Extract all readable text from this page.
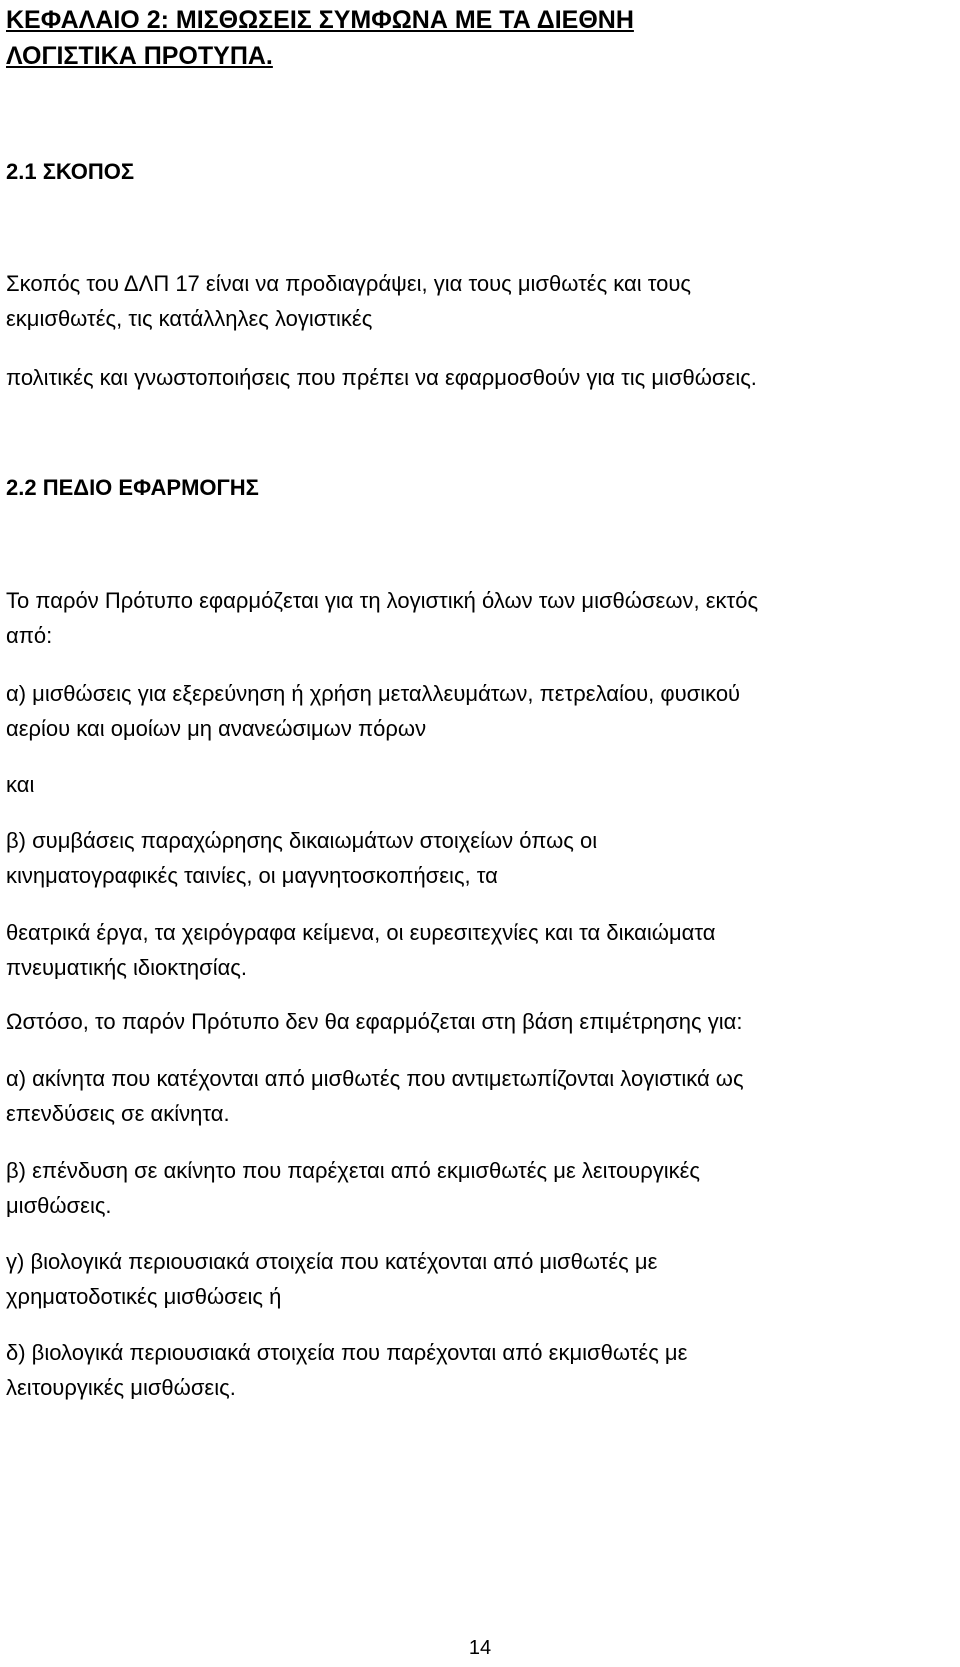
ΚΕΦΑΛΑΙΟ 2: ΜΙΣΘΩΣΕΙΣ ΣΥΜΦΩΝΑ ΜΕ ΤΑ ΔΙΕΘΝΗ

ΛΟΓΙΣΤΙΚΑ ΠΡΟΤΥΠΑ.

2.1 ΣΚΟΠΟΣ

Σκοπός του ΔΛΠ 17 είναι να προδιαγράψει, για τους μισθωτές και τους

εκμισθωτές, τις κατάλληλες λογιστικές

πολιτικές και γνωστοποιήσεις που πρέπει να εφαρμοσθούν για τις μισθώσεις.

2.2 ΠΕΔΙΟ ΕΦΑΡΜΟΓΗΣ

Το παρόν Πρότυπο εφαρμόζεται για τη λογιστική όλων των μισθώσεων, εκτός

από:

α) μισθώσεις για εξερεύνηση ή χρήση μεταλλευμάτων, πετρελαίου, φυσικού

αερίου και ομοίων μη ανανεώσιμων πόρων

και

β) συμβάσεις παραχώρησης δικαιωμάτων στοιχείων όπως οι

κινηματογραφικές ταινίες, οι μαγνητοσκοπήσεις, τα

θεατρικά έργα, τα χειρόγραφα κείμενα, οι ευρεσιτεχνίες και τα δικαιώματα

πνευματικής ιδιοκτησίας.

Ωστόσο, το παρόν Πρότυπο δεν θα εφαρμόζεται στη βάση επιμέτρησης για:

α) ακίνητα που κατέχονται από μισθωτές που αντιμετωπίζονται λογιστικά ως

επενδύσεις σε ακίνητα.

β) επένδυση σε ακίνητο που παρέχεται από εκμισθωτές με λειτουργικές

μισθώσεις.

γ) βιολογικά περιουσιακά στοιχεία που κατέχονται από μισθωτές με

χρηματοδοτικές μισθώσεις ή

δ) βιολογικά περιουσιακά στοιχεία που παρέχονται από εκμισθωτές με

λειτουργικές μισθώσεις.

14
